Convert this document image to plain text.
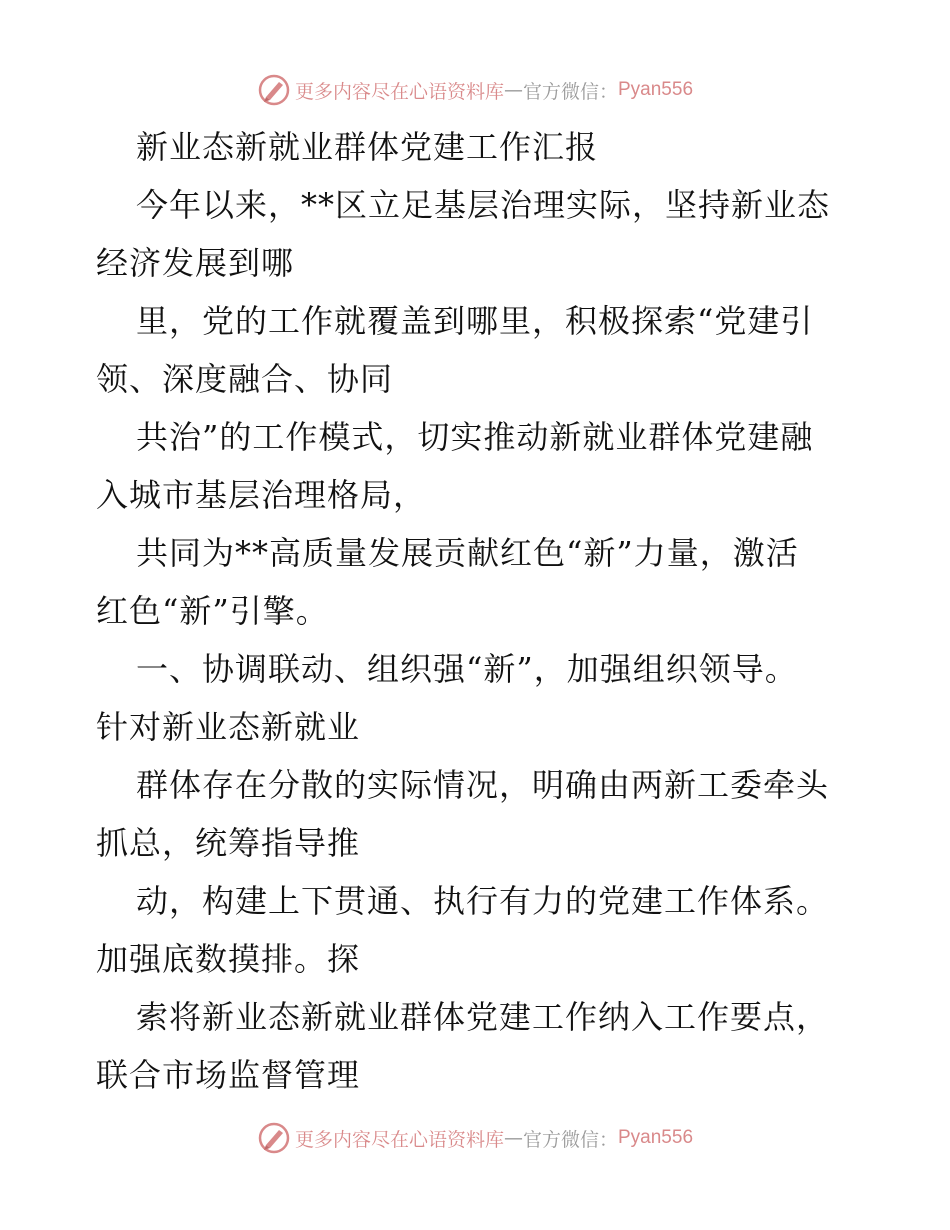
更多内容尽在心语资料库 — 官方微信： Pyan556
新业态新就业群体党建工作汇报
今年以来，**区立足基层治理实际，坚持新业态
经济发展到哪
里，党的工作就覆盖到哪里，积极探索“党建引
领、深度融合、协同
共治”的工作模式，切实推动新就业群体党建融
入城市基层治理格局，
共同为**高质量发展贡献红色“新”力量，激活
红色“新”引擎。
一、协调联动、组织强“新”，加强组织领导。
针对新业态新就业
群体存在分散的实际情况，明确由两新工委牵头
抓总，统筹指导推
动，构建上下贯通、执行有力的党建工作体系。
加强底数摸排。探
索将新业态新就业群体党建工作纳入工作要点，
联合市场监督管理
更多内容尽在心语资料库 — 官方微信： Pyan556
